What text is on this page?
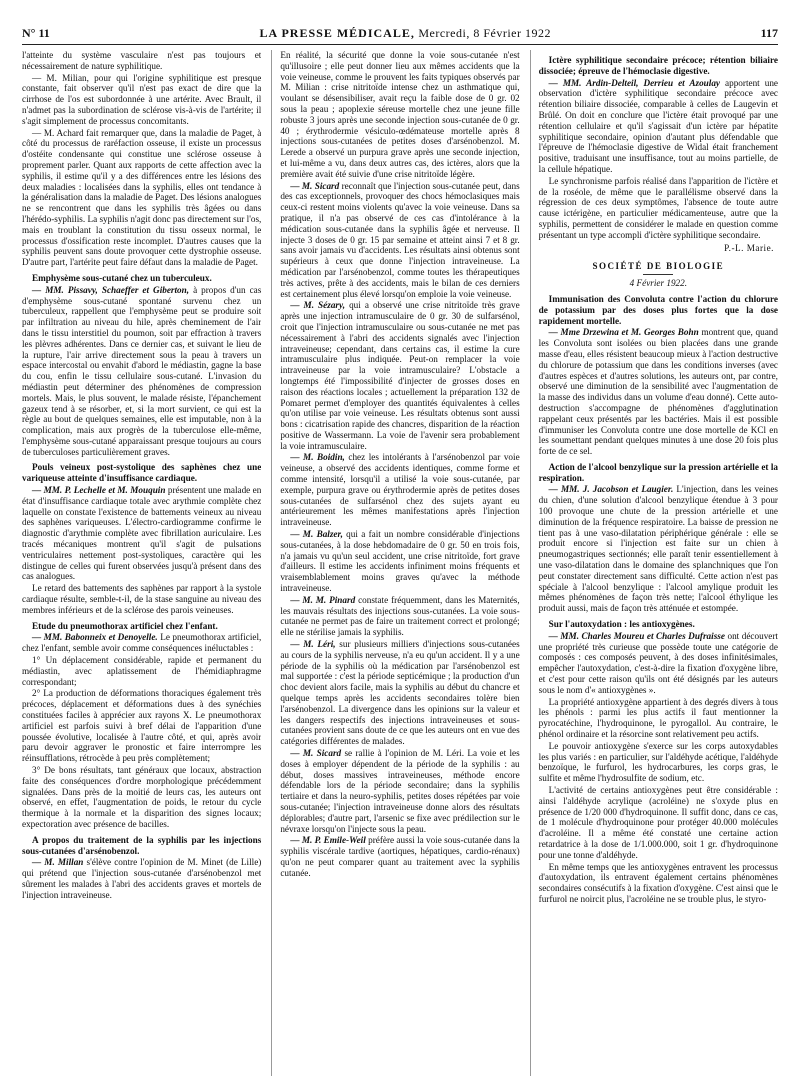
N° 11	LA PRESSE MÉDICALE, Mercredi, 8 Février 1922	117

l'atteinte du système vasculaire n'est pas toujours et nécessairement de nature syphilitique.

— M. Milian, pour qui l'origine syphilitique est presque constante, fait observer qu'il n'est pas exact de dire que la cirrhose de l'os est subordonnée à une artérite. Avec Brault, il n'admet pas la subordination de sclérose vis-à-vis de l'artérite; il s'agit simplement de processus concomitants.

— M. Achard fait remarquer que, dans la maladie de Paget, à côté du processus de raréfaction osseuse, il existe un processus d'ostéite condensante qui constitue une sclérose osseuse à proprement parler. Quant aux rapports de cette affection avec la syphilis, il estime qu'il y a des différences entre les lésions des deux maladies : localisées dans la syphilis, elles ont tendance à la généralisation dans la maladie de Paget. Des lésions analogues ne se rencontrent que dans les syphilis très âgées ou dans l'hérédo-syphilis. La syphilis n'agit donc pas directement sur l'os, mais en troublant la constitution du tissu osseux normal, le processus d'ossification reste incomplet. D'autres causes que la syphilis peuvent sans doute provoquer cette dystrophie osseuse. D'autre part, l'artérite peut faire défaut dans la maladie de Paget.

Emphysème sous-cutané chez un tuberculeux.

— MM. Pissavy, Schaeffer et Giberton, à propos d'un cas d'emphysème sous-cutané spontané survenu chez un tuberculeux, rappellent que l'emphysème peut se produire soit par infiltration au niveau du hile, après cheminement de l'air dans le tissu interstitiel du poumon, soit par effraction à travers les plèvres adhérentes. Dans ce dernier cas, et suivant le lieu de la rupture, l'air arrive directement sous la peau à travers un espace intercostal ou envahit d'abord le médiastin, gagne la base du cou, enfin le tissu cellulaire sous-cutané. L'invasion du médiastin peut déterminer des phénomènes de compression mortels. Mais, le plus souvent, le malade résiste, l'épanchement gazeux tend à se résorber, et, si la mort survient, ce qui est la règle au bout de quelques semaines, elle est imputable, non à la complication, mais aux progrès de la tuberculose elle-même, l'emphysème sous-cutané apparaissant presque toujours au cours de tuberculoses particulièrement graves.

Pouls veineux post-systolique des saphènes chez une variqueuse atteinte d'insuffisance cardiaque.

— MM. P. Lechelle et M. Mouquin présentent une malade en état d'insuffisance cardiaque totale avec arythmie complète chez laquelle on constate l'existence de battements veineux au niveau des saphènes variqueuses. L'électro-cardiogramme confirme le diagnostic d'arythmie complète avec fibrillation auriculaire. Les tracés mécaniques montrent qu'il s'agit de pulsations ventriculaires nettement post-systoliques, caractère qui les distingue de celles qui furent observées jusqu'à présent dans des cas analogues.

Le retard des battements des saphènes par rapport à la systole cardiaque résulte, semble-t-il, de la stase sanguine au niveau des membres inférieurs et de la sclérose des parois veineuses.

Etude du pneumothorax artificiel chez l'enfant.

— MM. Babonneix et Denoyelle. Le pneumothorax artificiel, chez l'enfant, semble avoir comme conséquences inéluctables :

1° Un déplacement considérable, rapide et permanent du médiastin, avec aplatissement de l'hémidiaphragme correspondant;

2° La production de déformations thoraciques également très précoces, déplacement et déformations dues à des synéchies constituées faciles à apprécier aux rayons X. Le pneumothorax artificiel est parfois suivi à bref délai de l'apparition d'une poussée évolutive, localisée à l'autre côté, et qui, après avoir paru devoir aggraver le pronostic et faire interrompre les réinsufflations, rétrocède à peu près complètement;

3° De bons résultats, tant généraux que locaux, abstraction faite des conséquences d'ordre morphologique précédemment signalées. Dans près de la moitié de leurs cas, les auteurs ont observé, en effet, l'augmentation de poids, le retour du cycle thermique à la normale et la disparition des signes locaux; expectoration avec présence de bacilles.

A propos du traitement de la syphilis par les injections sous-cutanées d'arsénobenzol.

— M. Millan s'élève contre l'opinion de M. Minet (de Lille) qui prétend que l'injection sous-cutanée d'arsénobenzol met sûrement les malades à l'abri des accidents graves et mortels de l'injection intraveineuse.

En réalité, la sécurité que donne la voie sous-cutanée n'est qu'illusoire ; elle peut donner lieu aux mêmes accidents que la voie veineuse, comme le prouvent les faits typiques observés par M. Milian : crise nitritoïde intense chez un asthmatique qui, voulant se désensibiliser, avait reçu la faible dose de 0 gr. 02 sous la peau ; apoplexie séreuse mortelle chez une jeune fille robuste 3 jours après une seconde injection sous-cutanée de 0 gr. 40 ; érythrodermie vésiculo-œdémateuse mortelle après 8 injections sous-cutanées de petites doses d'arsénobenzol. M. Lerede a observé un purpura grave après une seconde injection, et lui-même a vu, dans deux autres cas, des ictères, alors que la première avait été suivie d'une crise nitritoïde légère.

— M. Sicard reconnaît que l'injection sous-cutanée peut, dans des cas exceptionnels, provoquer des chocs hémoclasiques mais ceux-ci restent moins violents qu'avec la voie veineuse. Dans sa pratique, il n'a pas observé de ces cas d'intolérance à la médication sous-cutanée dans la syphilis âgée et nerveuse. Il injecte 3 doses de 0 gr. 15 par semaine et atteint ainsi 7 et 8 gr. sans avoir jamais vu d'accidents. Les résultats ainsi obtenus sont supérieurs à ceux que donne l'injection intraveineuse. La médication par l'arsénobenzol, comme toutes les thérapeutiques très actives, prête à des accidents, mais le bilan de ces derniers est certainement plus élevé lorsqu'on emploie la voie veineuse.

— M. Sézary, qui a observé une crise nitritoïde très grave après une injection intramusculaire de 0 gr. 30 de sulfarsénol, croit que l'injection intramusculaire ou sous-cutanée ne met pas nécessairement à l'abri des accidents signalés avec l'injection intraveineuse; cependant, dans certains cas, il estime la cure intramusculaire plus indiquée. Peut-on remplacer la voie intraveineuse par la voie intramusculaire? L'obstacle a longtemps été l'impossibilité d'injecter de grosses doses en raison des réactions locales ; actuellement la préparation 132 de Pomaret permet d'employer des quantités équivalentes à celles qu'on utilise par voie veineuse. Les résultats obtenus sont aussi bons : cicatrisation rapide des chancres, disparition de la réaction positive de Wassermann. La voie de l'avenir sera probablement la voie intramusculaire.

— M. Boidin, chez les intolérants à l'arsénobenzol par voie veineuse, a observé des accidents identiques, comme forme et comme intensité, lorsqu'il a utilisé la voie sous-cutanée, par exemple, purpura grave ou érythrodermie après de petites doses sous-cutanées de sulfarsénol chez des sujets ayant eu antérieurement les mêmes manifestations après l'injection intraveineuse.

— M. Balzer, qui a fait un nombre considérable d'injections sous-cutanées, à la dose hebdomadaire de 0 gr. 50 en trois fois, n'a jamais vu qu'un seul accident, une crise nitritoïde, fort grave d'ailleurs. Il estime les accidents infiniment moins fréquents et vraisemblablement moins graves qu'avec la méthode intraveineuse.

— M. M. Pinard constate fréquemment, dans les Maternités, les mauvais résultats des injections sous-cutanées. La voie sous-cutanée ne permet pas de faire un traitement correct et prolongé; elle ne stérilise jamais la syphilis.

— M. Léri, sur plusieurs milliers d'injections sous-cutanées au cours de la syphilis nerveuse, n'a eu qu'un accident. Il y a une période de la syphilis où la médication par l'arsénobenzol est mal supportée : c'est la période septicémique ; la production d'un choc devient alors facile, mais la syphilis au début du chancre et quelque temps après les accidents secondaires tolère bien l'arsénobenzol. La divergence dans les opinions sur la valeur et les dangers respectifs des injections intraveineuses et sous-cutanées provient sans doute de ce que les auteurs ont en vue des catégories différentes de malades.

— M. Sicard se rallie à l'opinion de M. Léri. La voie et les doses à employer dépendent de la période de la syphilis : au début, doses massives intraveineuses, méthode encore défendable lors de la période secondaire; dans la syphilis tertiaire et dans la neuro-syphilis, petites doses répétées par voie sous-cutanée; l'injection intraveineuse donne alors des résultats déplorables; d'autre part, l'arsenic se fixe avec prédilection sur le névraxe lorsqu'on l'injecte sous la peau.

— M. P. Emile-Weil préfère aussi la voie sous-cutanée dans la syphilis viscérale tardive (aortiques, hépatiques, cardio-rénaux) qu'on ne peut comparer quant au traitement avec la syphilis cutanée.

Ictère syphilitique secondaire précoce; rétention biliaire dissociée; épreuve de l'hémoclasie digestive.

— MM. Ardin-Delteil, Derrieu et Azoulay apportent une observation d'ictère syphilitique secondaire précoce avec rétention biliaire dissociée, comparable à celles de Laugevin et Brûlé. On doit en conclure que l'ictère était provoqué par une rétention cellulaire et qu'il s'agissait d'un ictère par hépatite syphilitique secondaire, opinion d'autant plus défendable que l'épreuve de l'hémoclasie digestive de Widal était franchement positive, traduisant une insuffisance, tout au moins partielle, de la cellule hépatique.

Le synchronisme parfois réalisé dans l'apparition de l'ictère et de la roséole, de même que le parallélisme observé dans la régression de ces deux symptômes, l'absence de toute autre cause ictérigène, en particulier médicamenteuse, autre que la syphilis, permettent de considérer le malade en question comme présentant un type accompli d'ictère syphilitique secondaire.

P.-L. Marie.
SOCIÉTÉ DE BIOLOGIE
4 Février 1922.
Immunisation des Convoluta contre l'action du chlorure de potassium par des doses plus fortes que la dose rapidement mortelle.

— Mme Drzewina et M. Georges Bohn montrent que, quand les Convoluta sont isolées ou bien placées dans une grande masse d'eau, elles résistent beaucoup mieux à l'action destructive du chlorure de potassium que dans les conditions inverses (avec d'autres espèces et d'autres solutions, les auteurs ont, par contre, observé une diminution de la sensibilité avec l'augmentation de la masse des individus dans un volume d'eau donné). Cette auto-destruction s'accompagne de phénomènes d'agglutination rappelant ceux présentés par les bactéries. Mais il est possible d'immuniser les Convoluta contre une dose mortelle de KCl en les soumettant pendant quelques minutes à une dose 20 fois plus forte de ce sel.

Action de l'alcool benzylique sur la pression artérielle et la respiration.

— MM. J. Jacobson et Laugier. L'injection, dans les veines du chien, d'une solution d'alcool benzylique étendue à 3 pour 100 provoque une chute de la pression artérielle et une diminution de la fréquence respiratoire. La baisse de pression ne tient pas à une vaso-dilatation périphérique générale : elle se produit encore si l'injection est faite sur un chien à pneumogastriques sectionnés; elle paraît tenir essentiellement à une vaso-dilatation dans le domaine des splanchniques que l'on peut constater directement sans difficulté. Cette action n'est pas spéciale à l'alcool benzylique : l'alcool amylique produit les mêmes phénomènes de façon très nette; l'alcool éthylique les produit aussi, mais de façon très atténuée et estompée.

Sur l'autoxydation : les antioxygènes.

— MM. Charles Moureu et Charles Dufraisse ont découvert une propriété très curieuse que possède toute une catégorie de composés : ces composés peuvent, à des doses infinitésimales, empêcher l'autoxydation, c'est-à-dire la fixation d'oxygène libre, et c'est pour cette raison qu'ils ont été désignés par les auteurs sous le nom d'« antioxygènes ».

La propriété antioxygène appartient à des degrés divers à tous les phénols : parmi les plus actifs il faut mentionner la pyrocatéchine, l'hydroquinone, le pyrogallol. Au contraire, le phénol ordinaire et la résorcine sont relativement peu actifs.

Le pouvoir antioxygène s'exerce sur les corps autoxydables les plus variés : en particulier, sur l'aldéhyde acétique, l'aldéhyde benzoïque, le furfurol, les hydrocarbures, les corps gras, le sulfite et même l'hydrosulfite de sodium, etc.

L'activité de certains antioxygènes peut être considérable : ainsi l'aldéhyde acrylique (acroléine) ne s'oxyde plus en présence de 1/20 000 d'hydroquinone. Il suffit donc, dans ce cas, de 1 molécule d'hydroquinone pour protéger 40.000 molécules d'acroléine. Il a même été constaté une certaine action retardatrice à la dose de 1/1.000.000, soit 1 gr. d'hydroquinone pour une tonne d'aldéhyde.

En même temps que les antioxygènes entravent les processus d'autoxydation, ils entravent également certains phénomènes secondaires consécutifs à la fixation d'oxygène. C'est ainsi que le furfurol ne noircit plus, l'acroléine ne se trouble plus, le styro-
